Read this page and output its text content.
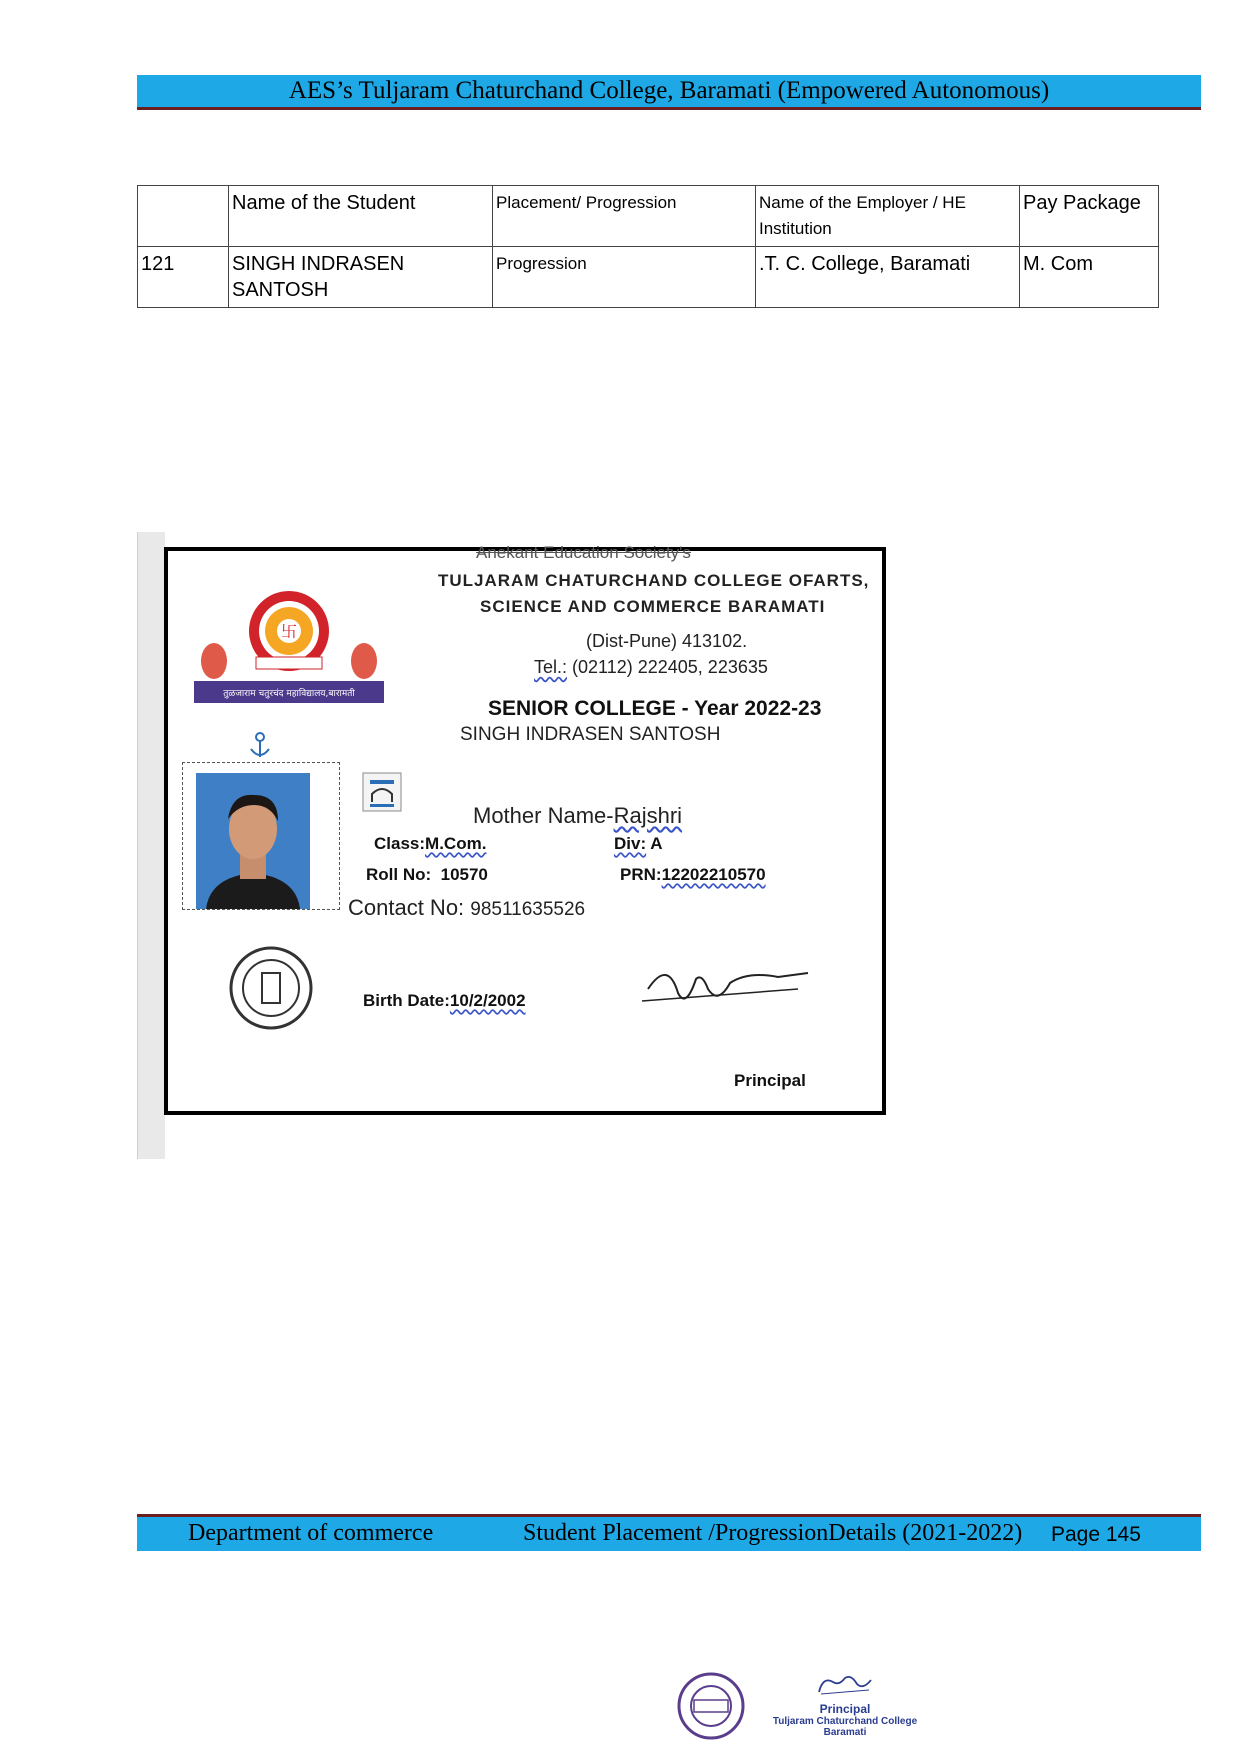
AES’s Tuljaram Chaturchand College, Baramati (Empowered Autonomous)
	Name of the Student	Placement/ Progression	Name of the Employer / HE Institution	Pay Package
121	SINGH INDRASEN SANTOSH	Progression	.T. C. College, Baramati	M. Com
Anekant Education Society's
TULJARAM CHATURCHAND COLLEGE OFARTS,
SCIENCE AND COMMERCE BARAMATI
(Dist-Pune) 413102.
Tel.: (02112) 222405, 223635
SENIOR COLLEGE - Year 2022-23
SINGH INDRASEN SANTOSH
卐
तुळजाराम चतुरचंद महाविद्यालय,बारामती
Mother Name-Rajshri
Class:M.Com.	Div: A
Roll No: 10570	PRN:12202210570
Contact No: 98511635526
Birth Date:10/2/2002
Principal
Department of commerce	Student Placement /ProgressionDetails (2021-2022) Page 145
Principal
Tuljaram Chaturchand College
Baramati
